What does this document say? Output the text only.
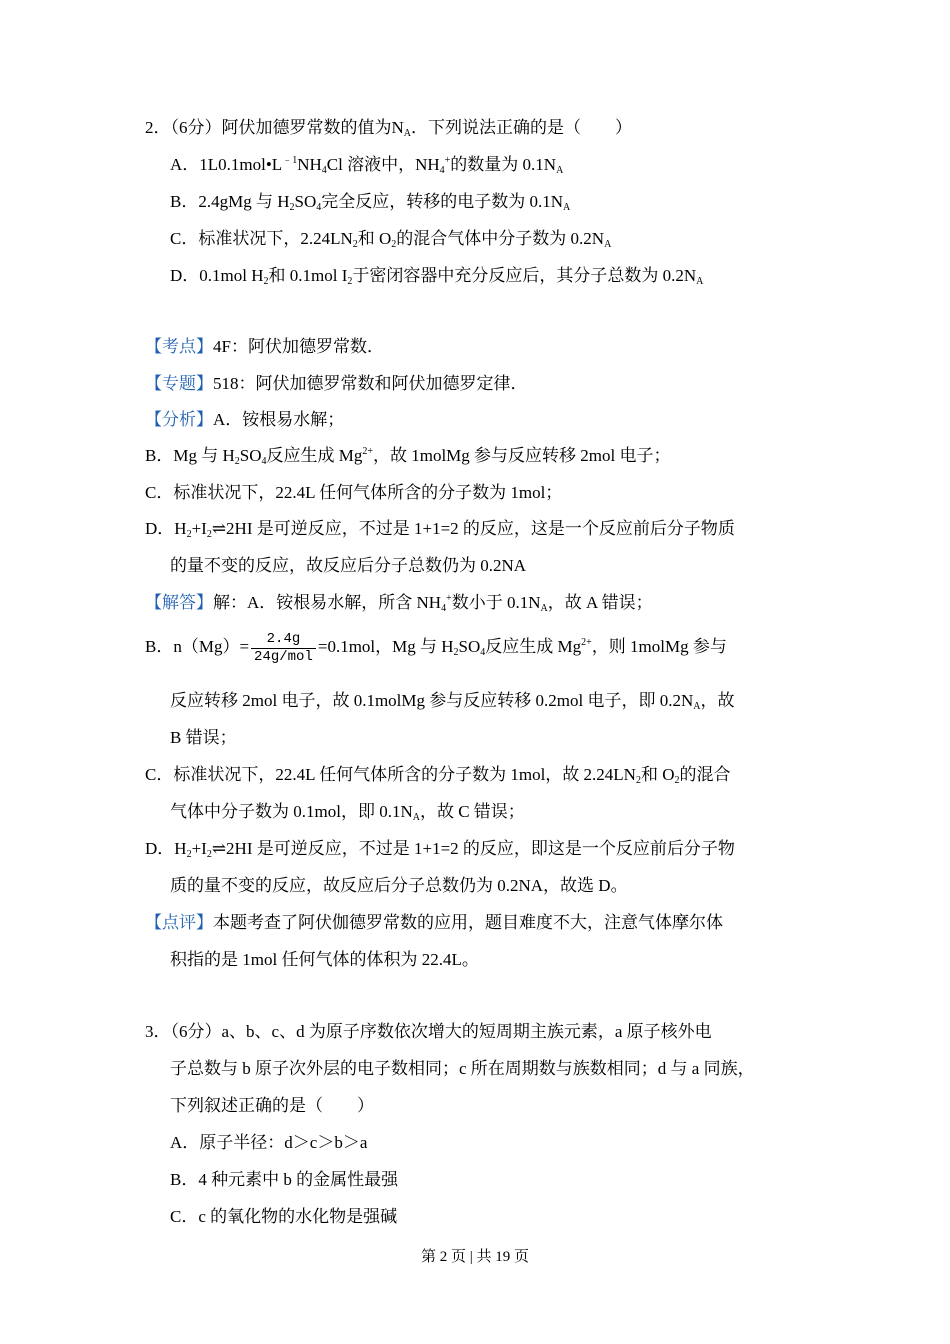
2．（6分）阿伏加德罗常数的值为$N_A$．下列说法正确的是（　　）
A．$1L0.1mol•L^{﹣1}NH_4Cl$ 溶液中，$NH_4^+$的数量为 $0.1N_A$
B．2.4gMg 与 $H_2SO_4$完全反应，转移的电子数为 $0.1N_A$
C．标准状况下，$2.24LN_2$和 $O_2$的混合气体中分子数为 $0.2N_A$
D．0.1mol $H_2$和 0.1mol $I_2$于密闭容器中充分反应后，其分子总数为 $0.2N_A$
【考点】4F：阿伏加德罗常数．
【专题】518：阿伏加德罗常数和阿伏加德罗定律．
【分析】A．铵根易水解；
B．Mg 与 $H_2SO_4$反应生成 $Mg^{2+}$，故 1molMg 参与反应转移 2mol 电子；
C．标准状况下，22.4L 任何气体所含的分子数为 1mol；
D．$H_2+I_2\rightleftharpoons 2HI$ 是可逆反应，不过是 1+1=2 的反应，这是一个反应前后分子物质
的量不变的反应，故反应后分子总数仍为 0.2NA
【解答】解：A．铵根易水解，所含 $NH_4^+$数小于 $0.1N_A$，故 A 错误；
B．$n(Mg)= \frac{2.4g}{\text{24g/mol}} =0.1mol$，Mg 与 $H_2SO_4$反应生成 $Mg^{2+}$，则 1molMg 参与
反应转移 2mol 电子，故 0.1molMg 参与反应转移 0.2mol 电子，即 $0.2N_A$，故
B 错误；
C．标准状况下，22.4L 任何气体所含的分子数为 1mol，故 $2.24LN_2$和 $O_2$的混合
气体中分子数为 0.1mol，即 $0.1N_A$，故 C 错误；
D．$H_2+I_2\rightleftharpoons 2HI$ 是可逆反应，不过是 1+1=2 的反应，即这是一个反应前后分子物
质的量不变的反应，故反应后分子总数仍为 0.2NA，故选 D。
【点评】本题考查了阿伏伽德罗常数的应用，题目难度不大，注意气体摩尔体
积指的是 1mol 任何气体的体积为 22.4L。
3．（6分）a、b、c、d 为原子序数依次增大的短周期主族元素，a 原子核外电
子总数与 b 原子次外层的电子数相同；c 所在周期数与族数相同；d 与 a 同族，
下列叙述正确的是（　　）
A．原子半径：d＞c＞b＞a
B．4 种元素中 b 的金属性最强
C．c 的氧化物的水化物是强碱
第 2 页 | 共 19 页
